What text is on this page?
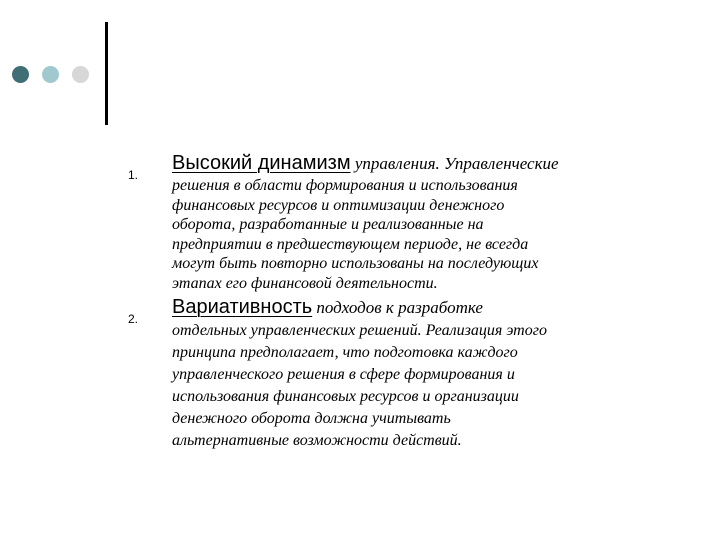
1.
Высокий динамизм управления. Управленческие
решения в области формирования и использования
финансовых ресурсов и оптимизации денежного
оборота, разработанные и реализованные на
предприятии в предшествующем периоде, не всегда
могут быть повторно использованы на последующих
этапах его финансовой деятельности.
2.
Вариативность подходов к разработке
отдельных управленческих решений. Реализация этого
принципа предполагает, что подготовка каждого
управленческого решения в сфере формирования и
использования финансовых ресурсов и организации
денежного оборота должна учитывать
альтернативные возможности действий.
